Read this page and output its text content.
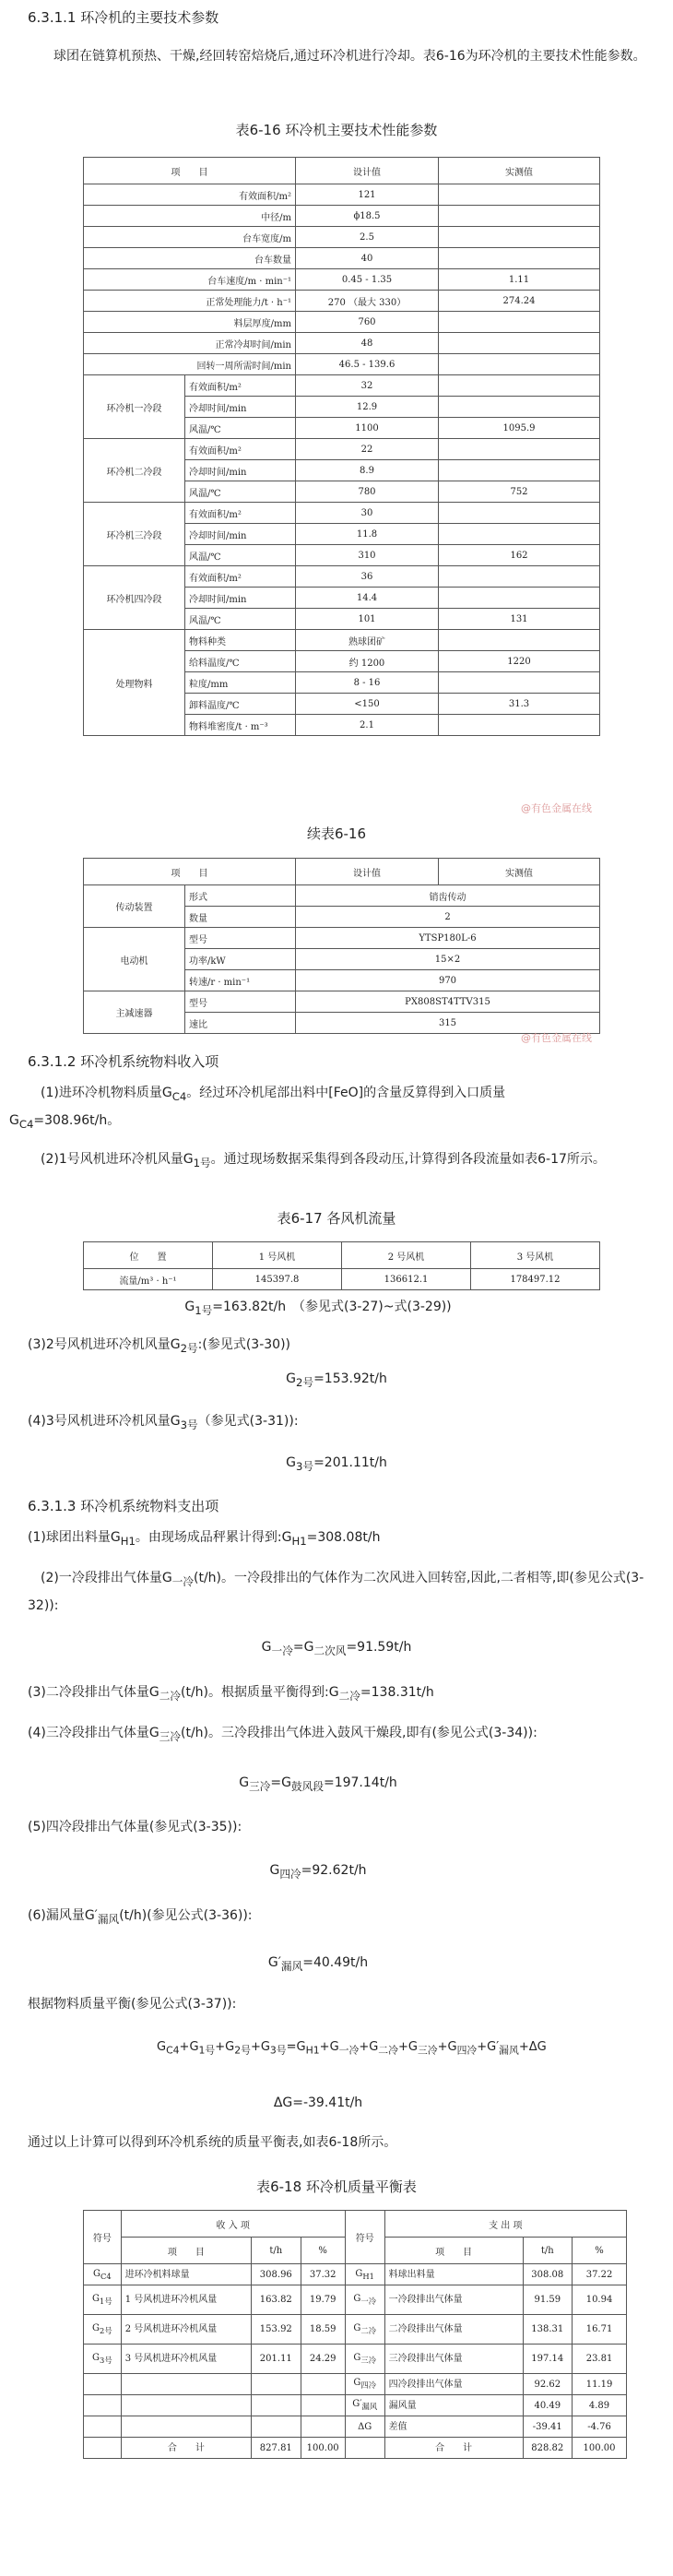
6.3.1.1 环冷机的主要技术参数
球团在链算机预热、干燥,经回转窑焙烧后,通过环冷机进行冷却。表6-16为环冷机的主要技术性能参数。
表6-16 环冷机主要技术性能参数
项　　目		设计值	实测值
有效面积/m²		121	
中径/m		ϕ18.5	
台车宽度/m		2.5	
台车数量		40	
台车速度/m · min⁻¹		0.45 - 1.35	1.11
正常处理能力/t · h⁻¹		270 （最大 330）	274.24
料层厚度/mm		760	
正常冷却时间/min		48	
回转一周所需时间/min		46.5 - 139.6	
环冷机一冷段	有效面积/m²	32	
	冷却时间/min	12.9	
	风温/℃	1100	1095.9
环冷机二冷段	有效面积/m²	22	
	冷却时间/min	8.9	
	风温/℃	780	752
环冷机三冷段	有效面积/m²	30	
	冷却时间/min	11.8	
	风温/℃	310	162
环冷机四冷段	有效面积/m²	36	
	冷却时间/min	14.4	
	风温/℃	101	131
处理物料	物料种类	熟球团矿	
	给料温度/℃	约 1200	1220
	粒度/mm	8 - 16	
	卸料温度/℃	<150	31.3
	物料堆密度/t · m⁻³	2.1	
@有色金属在线
续表6-16
项　　目		设计值	实测值
传动装置	形式	销齿传动	
	数量	2	
电动机	型号	YTSP180L-6	
	功率/kW	15×2	
	转速/r · min⁻¹	970	
主减速器	型号	PX808ST4TTV315	
	速比	315	
@有色金属在线
6.3.1.2 环冷机系统物料收入项
(1)进环冷机物料质量$G_{C4}$。经过环冷机尾部出料中[FeO]的含量反算得到入口质量
$G_{C4}=308.96t/h$。
(2)1号风机进环冷机风量$G_{1号}$。通过现场数据采集得到各段动压,计算得到各段流量如表6-17所示。
表6-17 各风机流量
位　　置	1 号风机	2 号风机	3 号风机
流量/m³ · h⁻¹	145397.8	136612.1	178497.12
$G_{1号}=163.82t/h$　（参见式(3-27)~式(3-29))
(3)2号风机进环冷机风量$G_{2号}$:(参见式(3-30))
$G_{2号}=153.92t/h$
(4)3号风机进环冷机风量$G_{3号}$（参见式(3-31)):
$G_{3号}=201.11t/h$
6.3.1.3 环冷机系统物料支出项
(1)球团出料量$G_{H1}$。由现场成品秤累计得到$:G_{H1}=308.08t/h$
(2)一冷段排出气体量$G_{一冷}(t/h)$。一冷段排出的气体作为二次风进入回转窑,因此,二者相等,即(参见公式(3-32)):
$G_{一冷}=G_{二次风}=91.59t/h$
(3)二冷段排出气体量$G_{二冷}(t/h)$。根据质量平衡得到$:G_{二冷}=138.31t/h$
(4)三冷段排出气体量$G_{三冷}(t/h)$。三冷段排出气体进入鼓风干燥段,即有(参见公式(3-34)):
$G_{三冷}=G_{鼓风段}=197.14t/h$
(5)四冷段排出气体量(参见式(3-35)):
$G_{四冷}=92.62t/h$
(6)漏风量$G'_{漏风}(t/h)$(参见公式(3-36)):
$G'_{漏风}=40.49t/h$
根据物料质量平衡(参见公式(3-37)):
$G_{C4}+G_{1号}+G_{2号}+G_{3号}=G_{H1}+G_{一冷}+G_{二冷}+G_{三冷}+G_{四冷}+G'_{漏风}+\Delta G$
ΔG=-39.41t/h
通过以上计算可以得到环冷机系统的质量平衡表,如表6-18所示。
表6-18 环冷机质量平衡表
符号	收 入 项			符号	支 出 项		
	项　　目	t/h	%		项　　目	t/h	%
$G_{C4}$	进环冷机料球量	308.96	37.32	$G_{H1}$	料球出料量	308.08	37.22
$G_{1号}$	1 号风机进环冷机风量	163.82	19.79	$G_{一冷}$	一冷段排出气体量	91.59	10.94
$G_{2号}$	2 号风机进环冷机风量	153.92	18.59	$G_{二冷}$	二冷段排出气体量	138.31	16.71
$G_{3号}$	3 号风机进环冷机风量	201.11	24.29	$G_{三冷}$	三冷段排出气体量	197.14	23.81
				$G_{四冷}$	四冷段排出气体量	92.62	11.19
				$G'_{漏风}$	漏风量	40.49	4.89
				ΔG	差值	-39.41	-4.76
	合　　计	827.81	100.00		合　　计	828.82	100.00
